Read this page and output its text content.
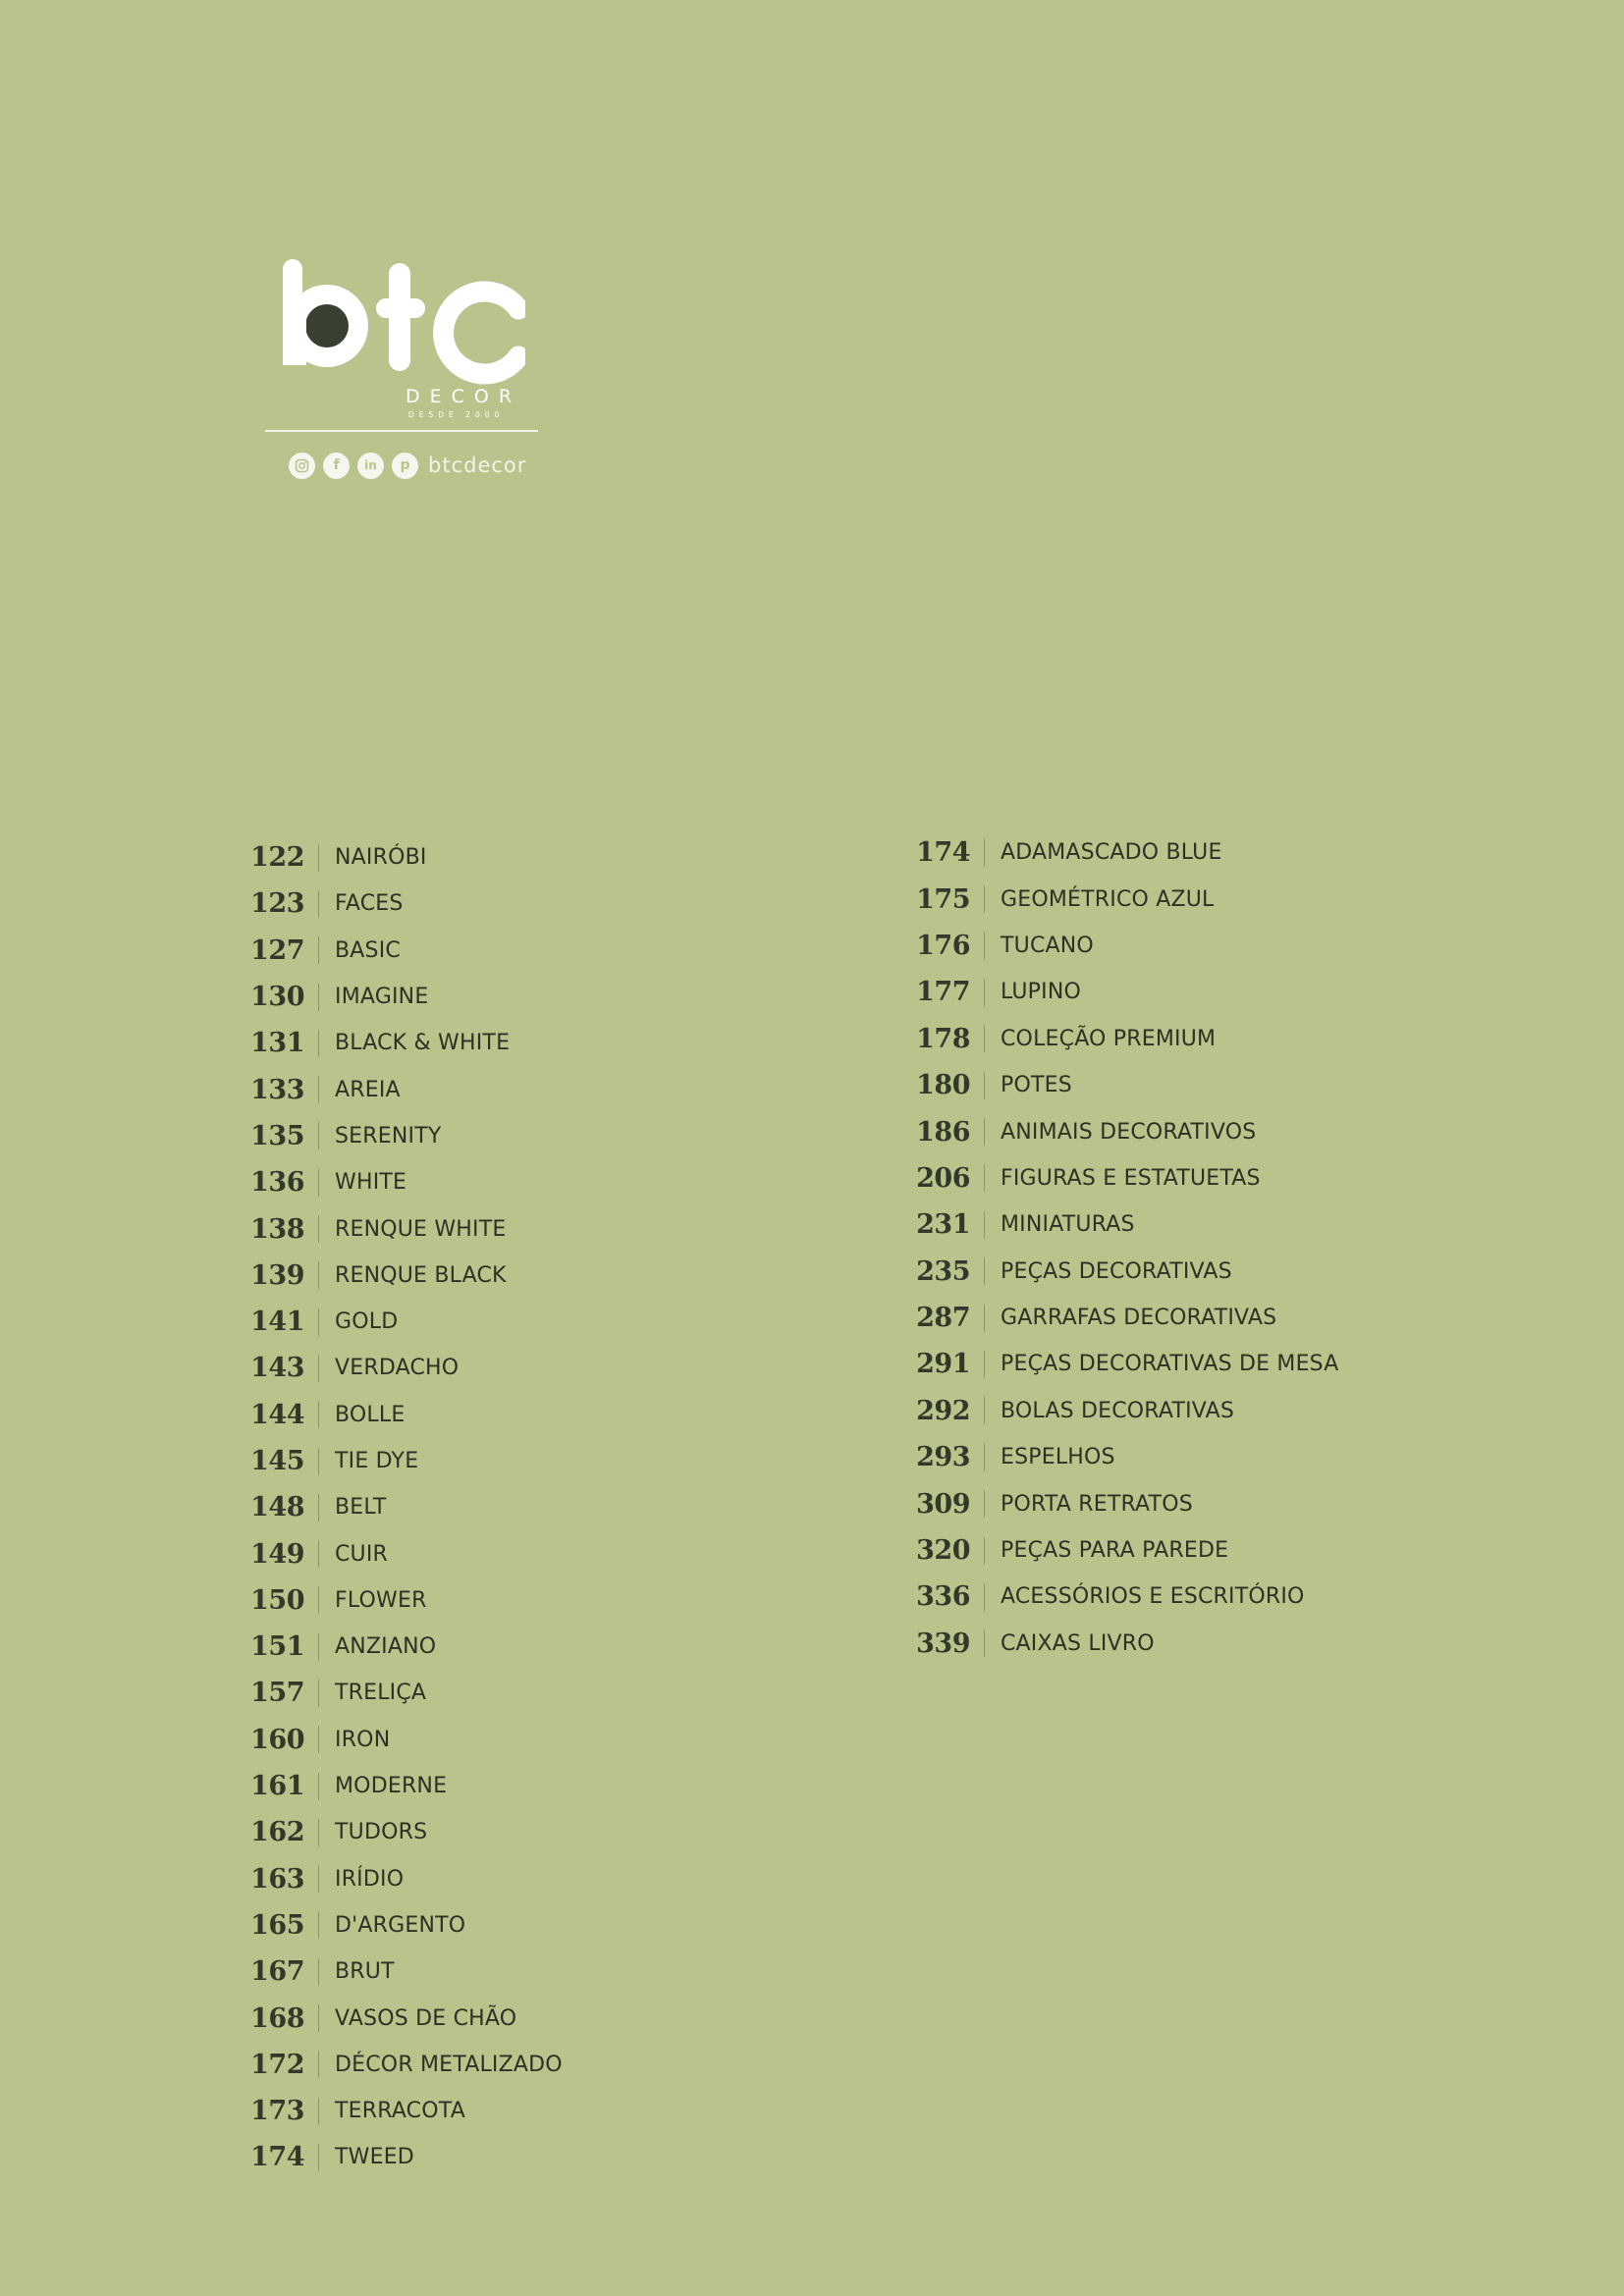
DECOR
DESDE 2000
f	in	p btcdecor
122 NAIRÓBI
123 FACES
127 BASIC
130 IMAGINE
131 BLACK & WHITE
133 AREIA
135 SERENITY
136 WHITE
138 RENQUE WHITE
139 RENQUE BLACK
141 GOLD
143 VERDACHO
144 BOLLE
145 TIE DYE
148 BELT
149 CUIR
150 FLOWER
151 ANZIANO
157 TRELIÇA
160 IRON
161 MODERNE
162 TUDORS
163 IRÍDIO
165 D'ARGENTO
167 BRUT
168 VASOS DE CHÃO
172 DÉCOR METALIZADO
173 TERRACOTA
174 TWEED
174 ADAMASCADO BLUE
175 GEOMÉTRICO AZUL
176 TUCANO
177 LUPINO
178 COLEÇÃO PREMIUM
180 POTES
186 ANIMAIS DECORATIVOS
206 FIGURAS E ESTATUETAS
231 MINIATURAS
235 PEÇAS DECORATIVAS
287 GARRAFAS DECORATIVAS
291 PEÇAS DECORATIVAS DE MESA
292 BOLAS DECORATIVAS
293 ESPELHOS
309 PORTA RETRATOS
320 PEÇAS PARA PAREDE
336 ACESSÓRIOS E ESCRITÓRIO
339 CAIXAS LIVRO
